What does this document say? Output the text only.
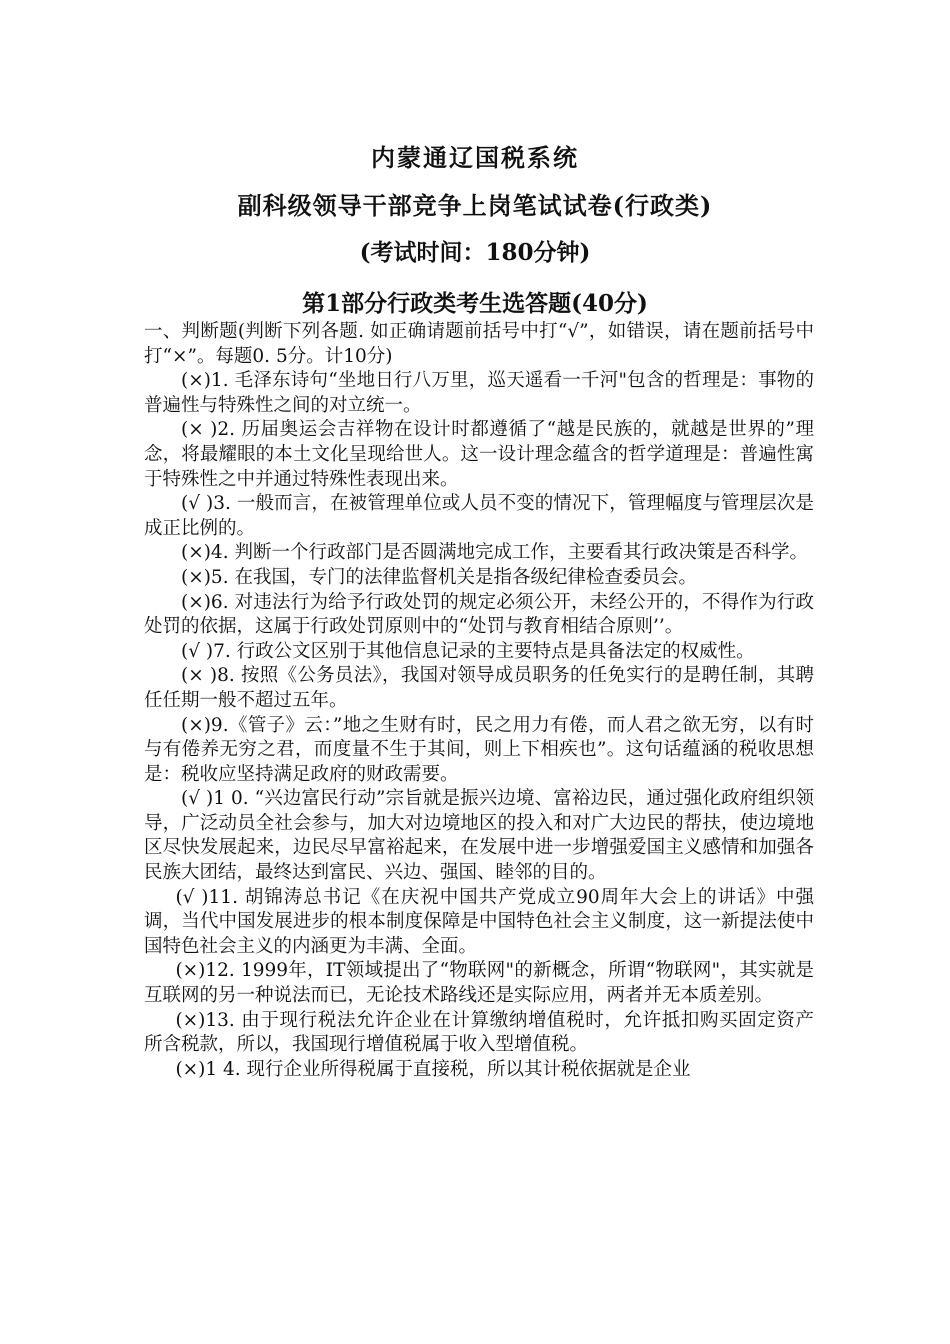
内蒙通辽国税系统
副科级领导干部竞争上岗笔试试卷(行政类)
(考试时间：180分钟)
第1部分行政类考生选答题(40分)

一、判断题(判断下列各题. 如正确请题前括号中打“√”，如错误，请在题前括号中打“×”。每题0. 5分。计10分)

(×)1. 毛泽东诗句“坐地日行八万里，巡天遥看一千河"包含的哲理是：事物的普遍性与特殊性之间的对立统一。

(× )2. 历届奥运会吉祥物在设计时都遵循了“越是民族的，就越是世界的”理念，将最耀眼的本土文化呈现给世人。这一设计理念蕴含的哲学道理是：普遍性寓于特殊性之中并通过特殊性表现出来。

(√ )3. 一般而言，在被管理单位或人员不变的情况下，管理幅度与管理层次是成正比例的。

(×)4. 判断一个行政部门是否圆满地完成工作，主要看其行政决策是否科学。

(×)5. 在我国，专门的法律监督机关是指各级纪律检查委员会。

(×)6. 对违法行为给予行政处罚的规定必须公开，未经公开的，不得作为行政处罚的依据，这属于行政处罚原则中的“处罚与教育相结合原则’’。

(√ )7. 行政公文区别于其他信息记录的主要特点是具备法定的权威性。

(× )8. 按照《公务员法》，我国对领导成员职务的任免实行的是聘任制，其聘任任期一般不超过五年。

(×)9.《管子》云：”地之生财有时，民之用力有倦，而人君之欲无穷，以有时与有倦养无穷之君，而度量不生于其间，则上下相疾也”。这句话蕴涵的税收思想是：税收应坚持满足政府的财政需要。

(√ )1 0. “兴边富民行动”宗旨就是振兴边境、富裕边民，通过强化政府组织领导，广泛动员全社会参与，加大对边境地区的投入和对广大边民的帮扶，使边境地区尽快发展起来，边民尽早富裕起来，在发展中进一步增强爱国主义感情和加强各民族大团结，最终达到富民、兴边、强国、睦邻的目的。

(√ )11. 胡锦涛总书记《在庆祝中国共产党成立90周年大会上的讲话》中强调，当代中国发展进步的根本制度保障是中国特色社会主义制度，这一新提法使中国特色社会主义的内涵更为丰满、全面。

(×)12. 1999年，IT领域提出了“物联网"的新概念，所谓“物联网"，其实就是互联网的另一种说法而已，无论技术路线还是实际应用，两者并无本质差别。

(×)13. 由于现行税法允许企业在计算缴纳增值税时，允许抵扣购买固定资产所含税款，所以，我国现行增值税属于收入型增值税。

(×)1 4. 现行企业所得税属于直接税，所以其计税依据就是企业
